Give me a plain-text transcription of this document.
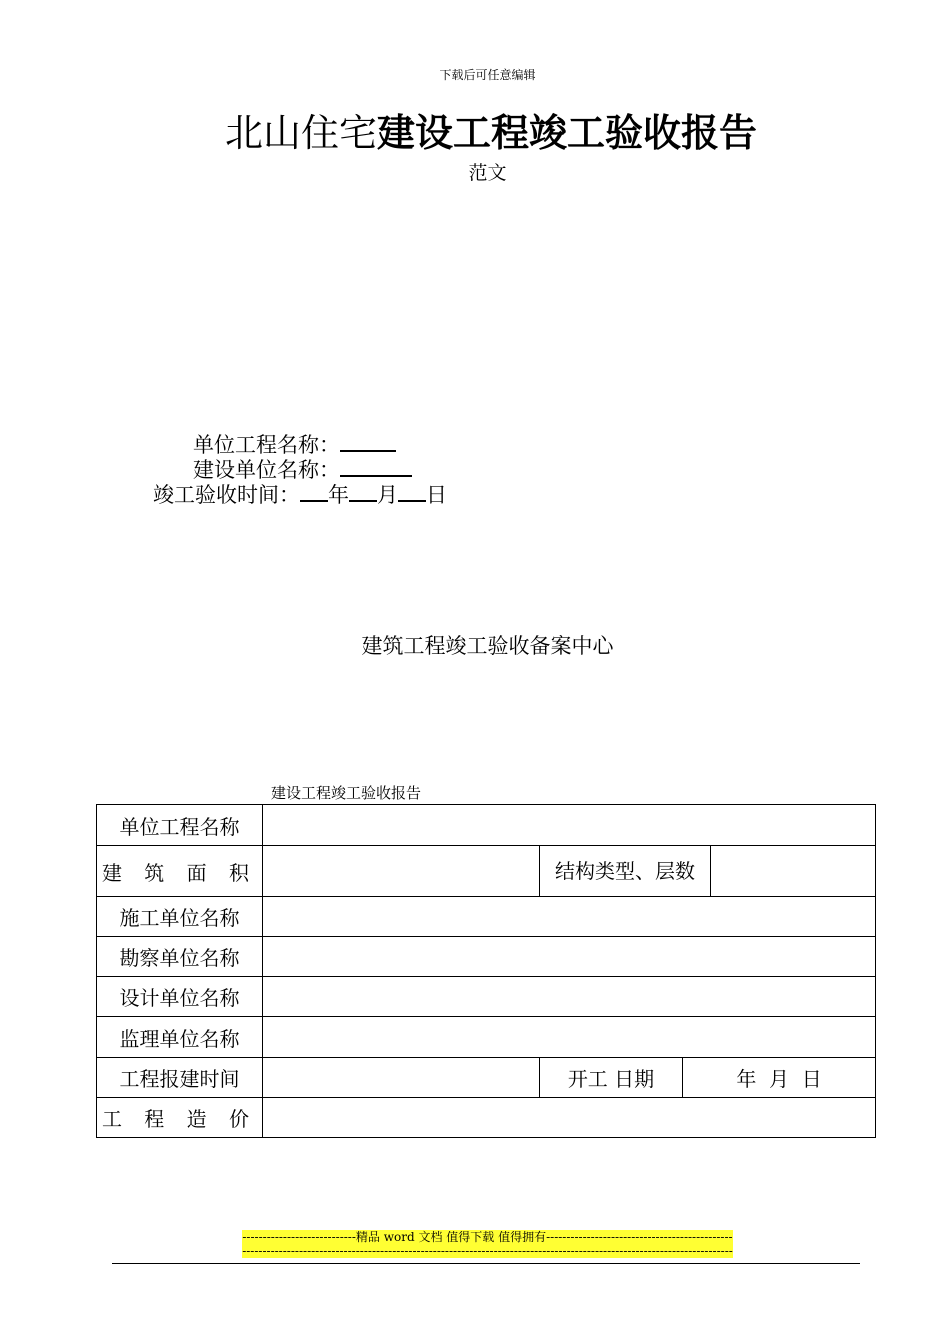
下载后可任意编辑
北山住宅建设工程竣工验收报告
范文
单位工程名称：
建设单位名称：
竣工验收时间： 年 月 日
建筑工程竣工验收备案中心
建设工程竣工验收报告
单位工程名称				
建 筑 面 积		结构类型、层数		
施工单位名称				
勘察单位名称				
设计单位名称				
监理单位名称				
工程报建时间		开工 日期	年  月  日	
工 程 造 价				
----------------------------精品 word 文档 值得下载 值得拥有----------------------------------------------
-------------------------------------------------------------------------------------------------------------------------
